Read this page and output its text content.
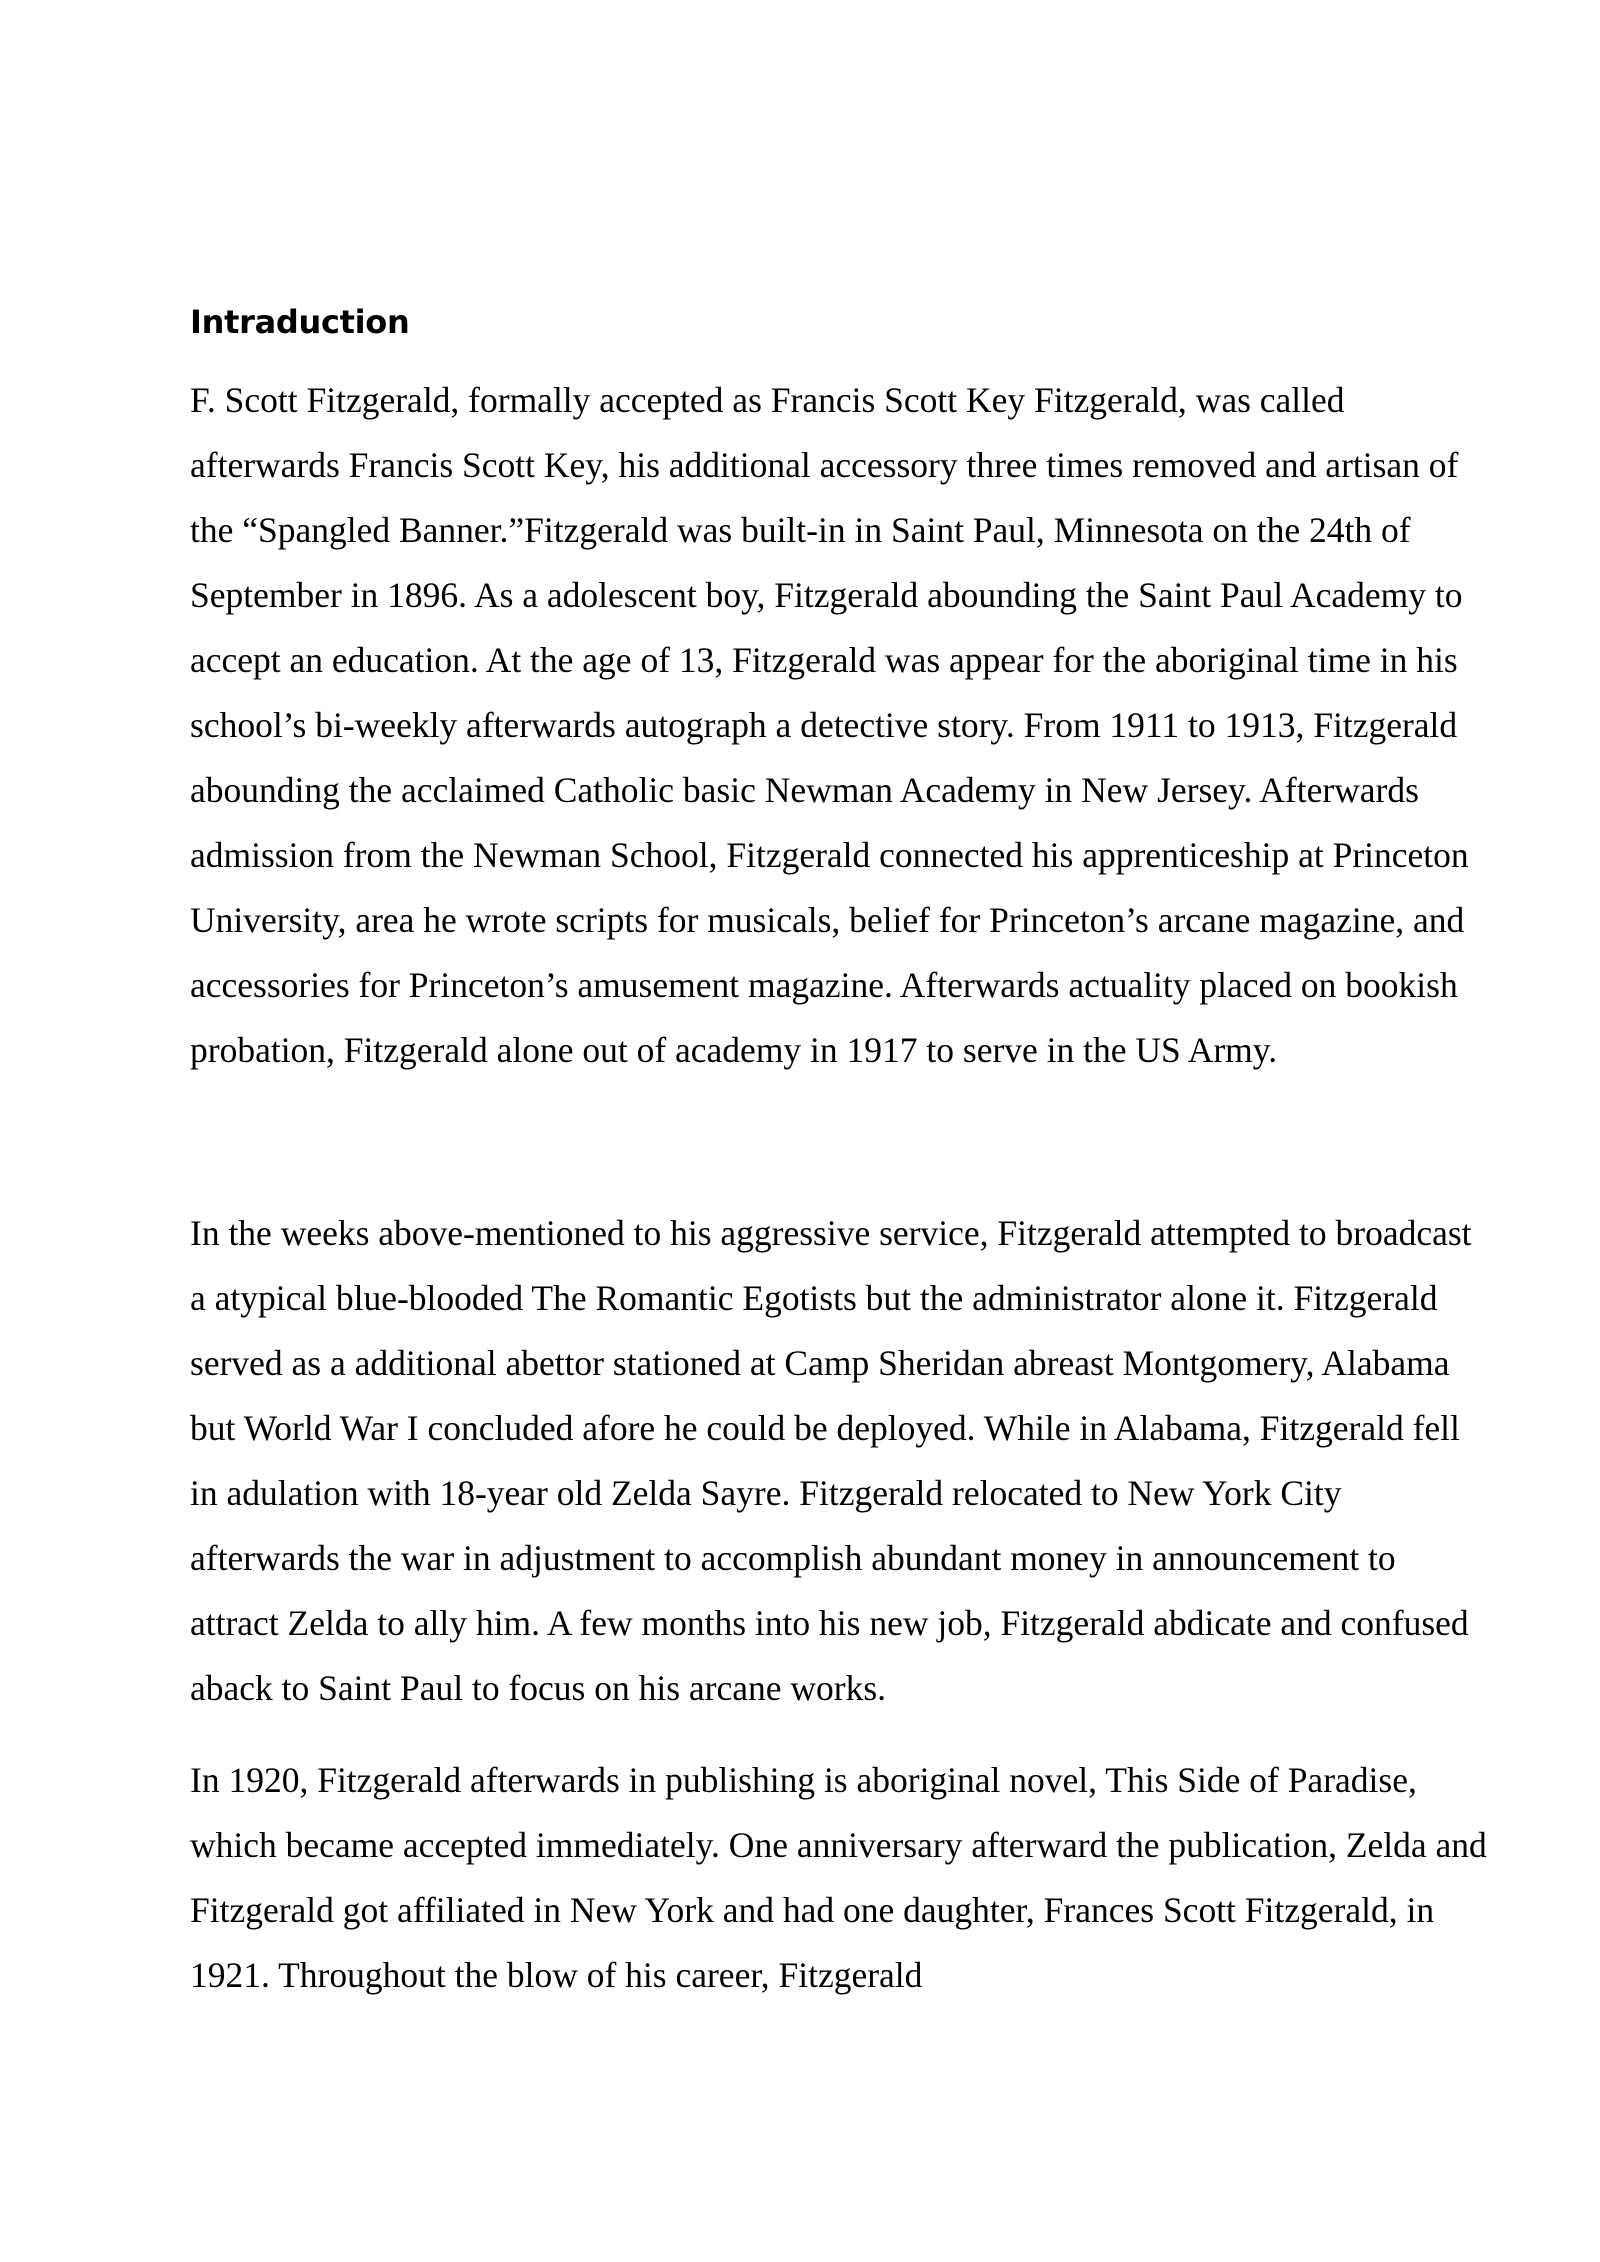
Intraduction

F. Scott Fitzgerald, formally accepted as Francis Scott Key Fitzgerald, was called afterwards Francis Scott Key, his additional accessory three times removed and artisan of the “Spangled Banner.”Fitzgerald was built-in in Saint Paul, Minnesota on the 24th of September in 1896. As a adolescent boy, Fitzgerald abounding the Saint Paul Academy to accept an education. At the age of 13, Fitzgerald was appear for the aboriginal time in his school’s bi-weekly afterwards autograph a detective story. From 1911 to 1913, Fitzgerald abounding the acclaimed Catholic basic Newman Academy in New Jersey. Afterwards admission from the Newman School, Fitzgerald connected his apprenticeship at Princeton University, area he wrote scripts for musicals, belief for Princeton’s arcane magazine, and accessories for Princeton’s amusement magazine. Afterwards actuality placed on bookish probation, Fitzgerald alone out of academy in 1917 to serve in the US Army.

In the weeks above-mentioned to his aggressive service, Fitzgerald attempted to broadcast a atypical blue-blooded The Romantic Egotists but the administrator alone it. Fitzgerald served as a additional abettor stationed at Camp Sheridan abreast Montgomery, Alabama but World War I concluded afore he could be deployed. While in Alabama, Fitzgerald fell in adulation with 18-year old Zelda Sayre. Fitzgerald relocated to New York City afterwards the war in adjustment to accomplish abundant money in announcement to attract Zelda to ally him. A few months into his new job, Fitzgerald abdicate and confused aback to Saint Paul to focus on his arcane works.

In 1920, Fitzgerald afterwards in publishing is aboriginal novel, This Side of Paradise, which became accepted immediately. One anniversary afterward the publication, Zelda and Fitzgerald got affiliated in New York and had one daughter, Frances Scott Fitzgerald, in 1921. Throughout the blow of his career, Fitzgerald
